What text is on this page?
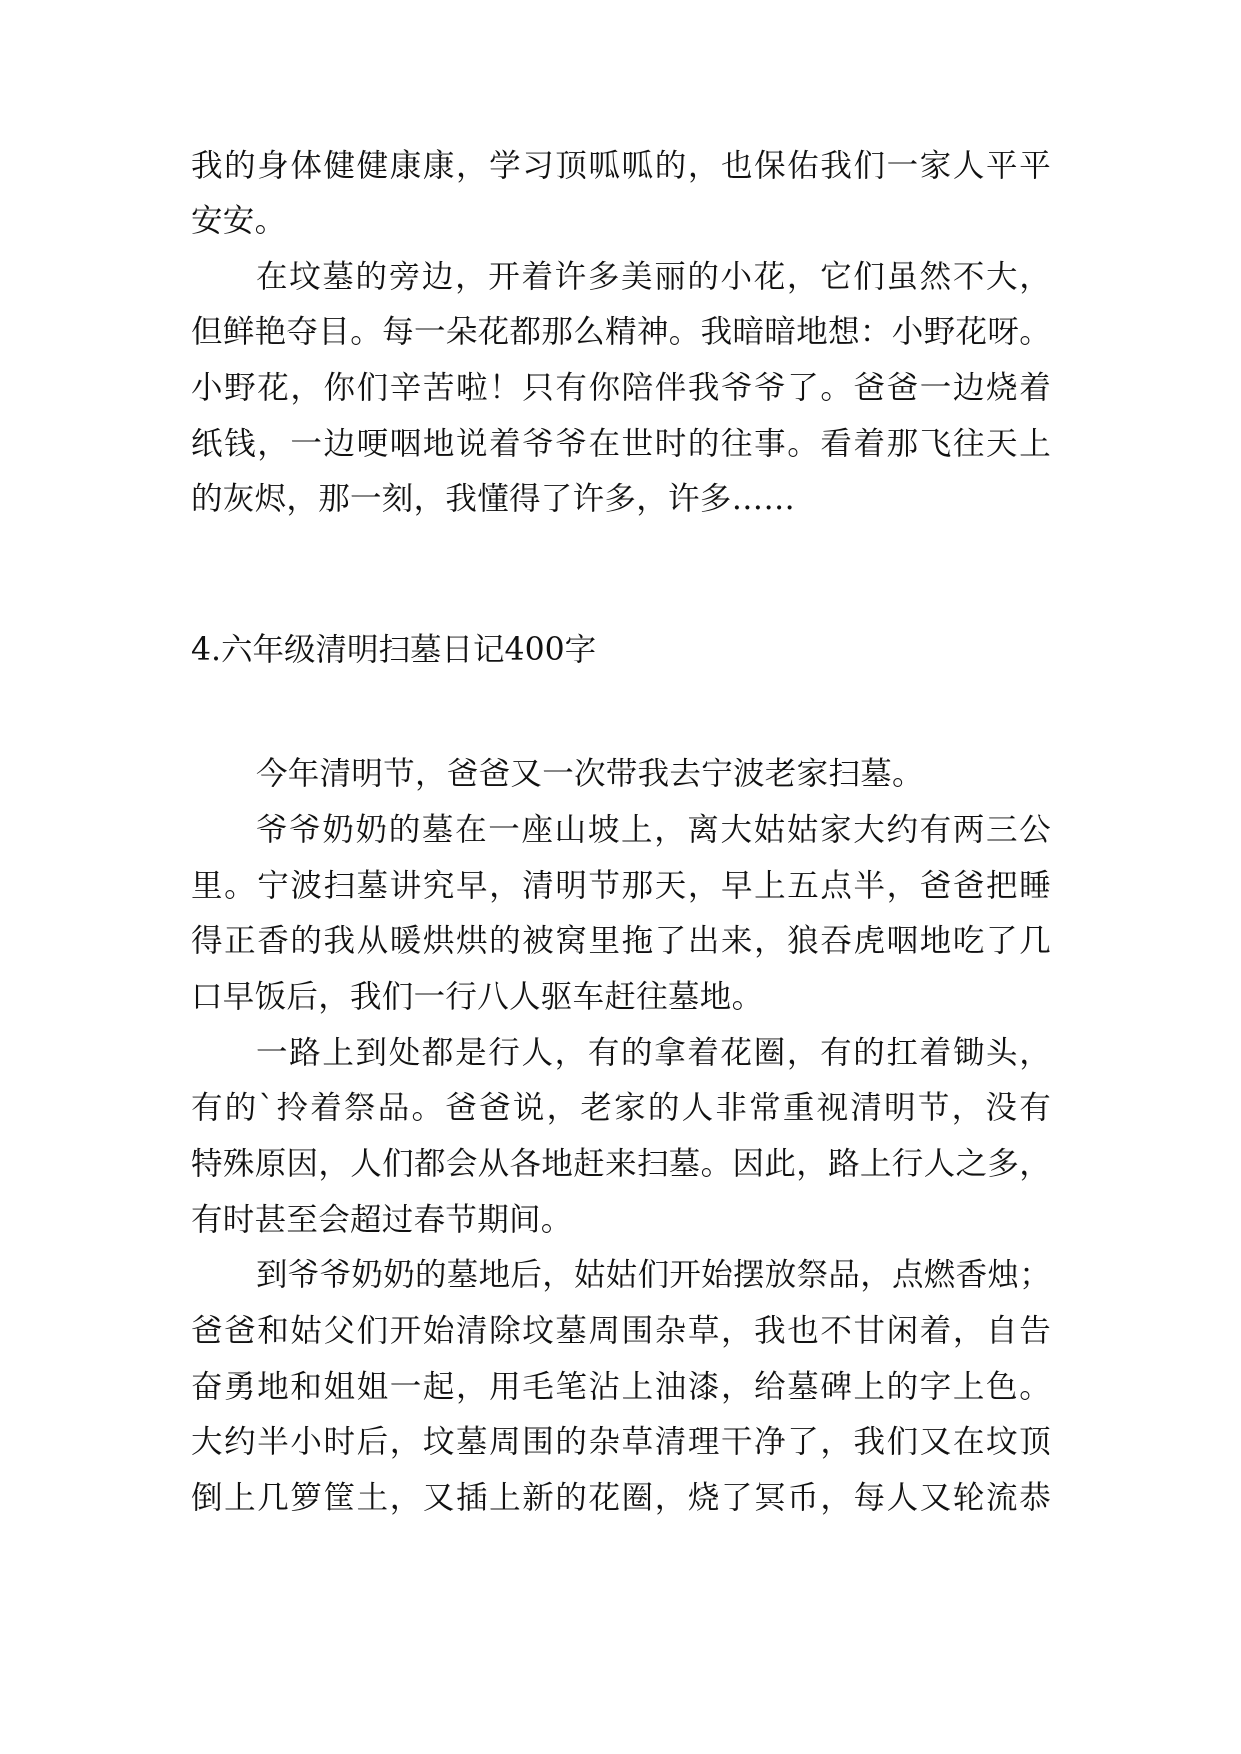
我的身体健健康康，学习顶呱呱的，也保佑我们一家人平平

安安。

在坟墓的旁边，开着许多美丽的小花，它们虽然不大，

但鲜艳夺目。每一朵花都那么精神。我暗暗地想：小野花呀。

小野花，你们辛苦啦！只有你陪伴我爷爷了。爸爸一边烧着

纸钱，一边哽咽地说着爷爷在世时的往事。看着那飞往天上

的灰烬，那一刻，我懂得了许多，许多……

4.六年级清明扫墓日记400字

今年清明节，爸爸又一次带我去宁波老家扫墓。

爷爷奶奶的墓在一座山坡上，离大姑姑家大约有两三公

里。宁波扫墓讲究早，清明节那天，早上五点半，爸爸把睡

得正香的我从暖烘烘的被窝里拖了出来，狼吞虎咽地吃了几

口早饭后，我们一行八人驱车赶往墓地。

一路上到处都是行人，有的拿着花圈，有的扛着锄头，

有的`拎着祭品。爸爸说，老家的人非常重视清明节，没有

特殊原因，人们都会从各地赶来扫墓。因此，路上行人之多，

有时甚至会超过春节期间。

到爷爷奶奶的墓地后，姑姑们开始摆放祭品，点燃香烛；

爸爸和姑父们开始清除坟墓周围杂草，我也不甘闲着，自告

奋勇地和姐姐一起，用毛笔沾上油漆，给墓碑上的字上色。

大约半小时后，坟墓周围的杂草清理干净了，我们又在坟顶

倒上几箩筐土，又插上新的花圈，烧了冥币，每人又轮流恭
